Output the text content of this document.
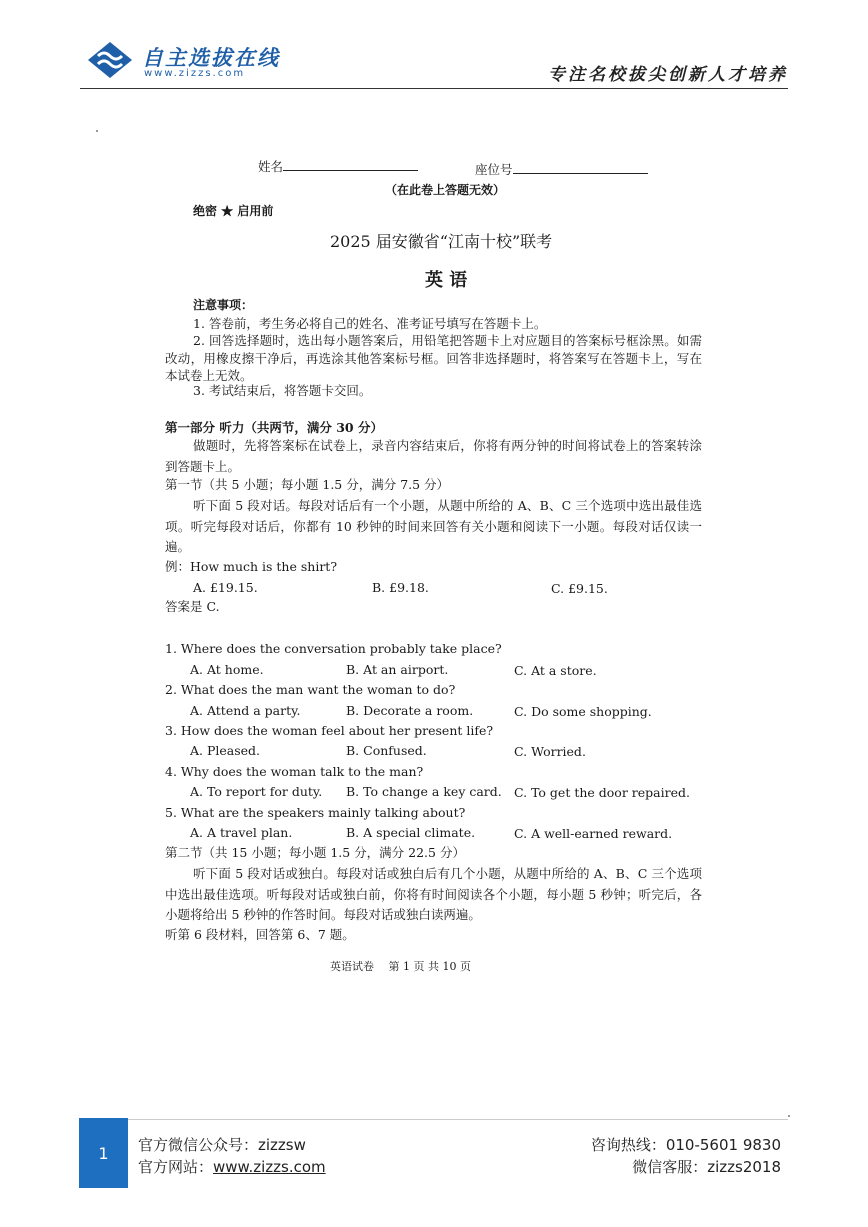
自主选拔在线
www.zizzs.com	专注名校拔尖创新人才培养
姓名	座位号
（在此卷上答题无效）
绝密 ★ 启用前
2025 届安徽省“江南十校”联考
英 语
注意事项：
1. 答卷前，考生务必将自己的姓名、准考证号填写在答题卡上。
2. 回答选择题时，选出每小题答案后，用铅笔把答题卡上对应题目的答案标号框涂黑。如需改动，用橡皮擦干净后，再选涂其他答案标号框。回答非选择题时，将答案写在答题卡上，写在本试卷上无效。
3. 考试结束后，将答题卡交回。
第一部分 听力（共两节，满分 30 分）
做题时，先将答案标在试卷上，录音内容结束后，你将有两分钟的时间将试卷上的答案转涂到答题卡上。
第一节（共 5 小题；每小题 1.5 分，满分 7.5 分）
听下面 5 段对话。每段对话后有一个小题，从题中所给的 A、B、C 三个选项中选出最佳选项。听完每段对话后，你都有 10 秒钟的时间来回答有关小题和阅读下一小题。每段对话仅读一遍。
例：How much is the shirt?
A. £19.15.	B. £9.18.	C. £9.15.
答案是 C.
1. Where does the conversation probably take place?
A. At home.	B. At an airport.	C. At a store.
2. What does the man want the woman to do?
A. Attend a party.	B. Decorate a room.	C. Do some shopping.
3. How does the woman feel about her present life?
A. Pleased.	B. Confused.	C. Worried.
4. Why does the woman talk to the man?
A. To report for duty. B. To change a key card. C. To get the door repaired.
5. What are the speakers mainly talking about?
A. A travel plan.	B. A special climate.	C. A well-earned reward.
第二节（共 15 小题；每小题 1.5 分，满分 22.5 分）
听下面 5 段对话或独白。每段对话或独白后有几个小题，从题中所给的 A、B、C 三个选项中选出最佳选项。听每段对话或独白前，你将有时间阅读各个小题，每小题 5 秒钟；听完后，各小题将给出 5 秒钟的作答时间。每段对话或独白读两遍。
听第 6 段材料，回答第 6、7 题。
英语试卷　 第 1 页 共 10 页
1	官方微信公众号：zizzsw
官方网站：www.zizzs.com
咨询热线：010-5601 9830
微信客服：zizzs2018
